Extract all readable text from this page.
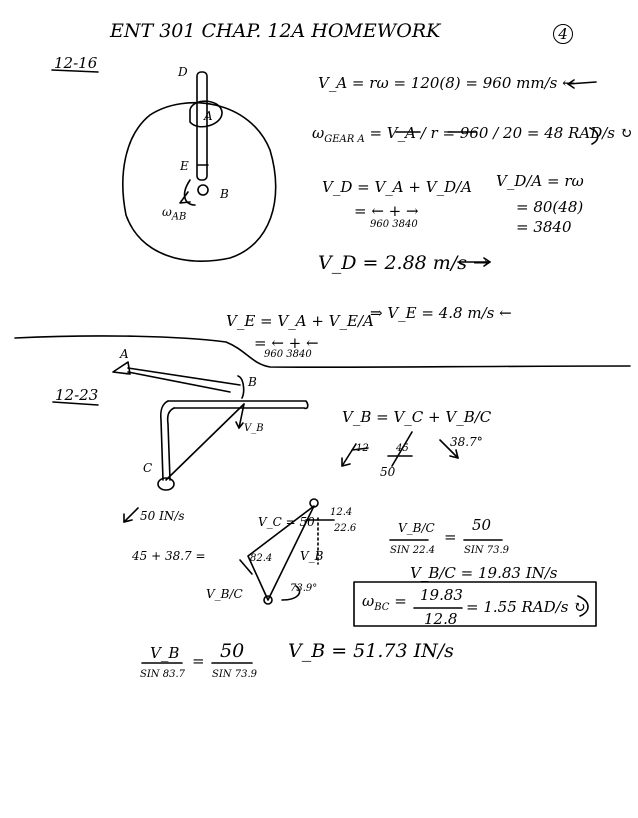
ENT 301 CHAP. 12A HOMEWORK	4
12-16	D
A
E
B
$\omega_{AB}$
V_A = rω = 120(8) = 960 mm/s ←
$\omega_{GEAR A}$ = V_A / r = 960 / 20 = 48 RAD/s ↻
V_D = V_A + V_D/A V_D/A = rω
= ← + →
960 3840
= 80(48)
= 3840
V_D = 2.88 m/s →
V_E = V_A + V_E/A
⇒ V_E = 4.8 m/s ←
= ← + ←
960 3840
12-23
A
B
C
V_B
50 IN/s
V_B = V_C + V_B/C
12	45	38.7°
50
V_C = 50
45 + 38.7 =	82.4 V_B
V_B/C	73.9°
12.4
22.6	V_B/C
SIN 22.4
=
50
SIN 73.9
V_B/C = 19.83 IN/s
$\omega_{BC} = 19.83$
12.8
= 1.55 RAD/s ↻
V_B
SIN 83.7
= 50
SIN 73.9
V_B = 51.73 IN/s
